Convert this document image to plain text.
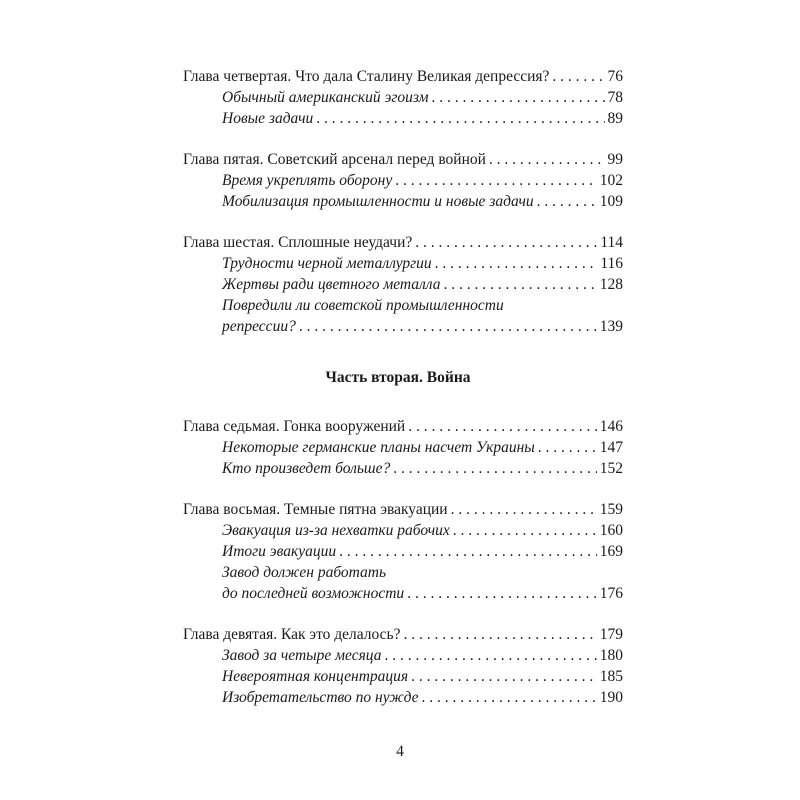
Глава четвертая. Что дала Сталину Великая депрессия? . . .	76
Обычный американский эгоизм . . .	78
Новые задачи . . .	89
Глава пятая. Советский арсенал перед войной . . .	99
Время укреплять оборону . . .	102
Мобилизация промышленности и новые задачи . . .	109
Глава шестая. Сплошные неудачи? . . .	114
Трудности черной металлургии . . .	116
Жертвы ради цветного металла . . .	128
Повредили ли советской промышленности
репрессии? . . .	139
Часть вторая. Война
Глава седьмая. Гонка вооружений . . .	146
Некоторые германские планы насчет Украины . . .	147
Кто произведет больше? . . .	152
Глава восьмая. Темные пятна эвакуации . . .	159
Эвакуация из-за нехватки рабочих . . .	160
Итоги эвакуации . . .	169
Завод должен работать
до последней возможности . . .	176
Глава девятая. Как это делалось? . . .	179
Завод за четыре месяца . . .	180
Невероятная концентрация . . .	185
Изобретательство по нужде . . .	190
4
